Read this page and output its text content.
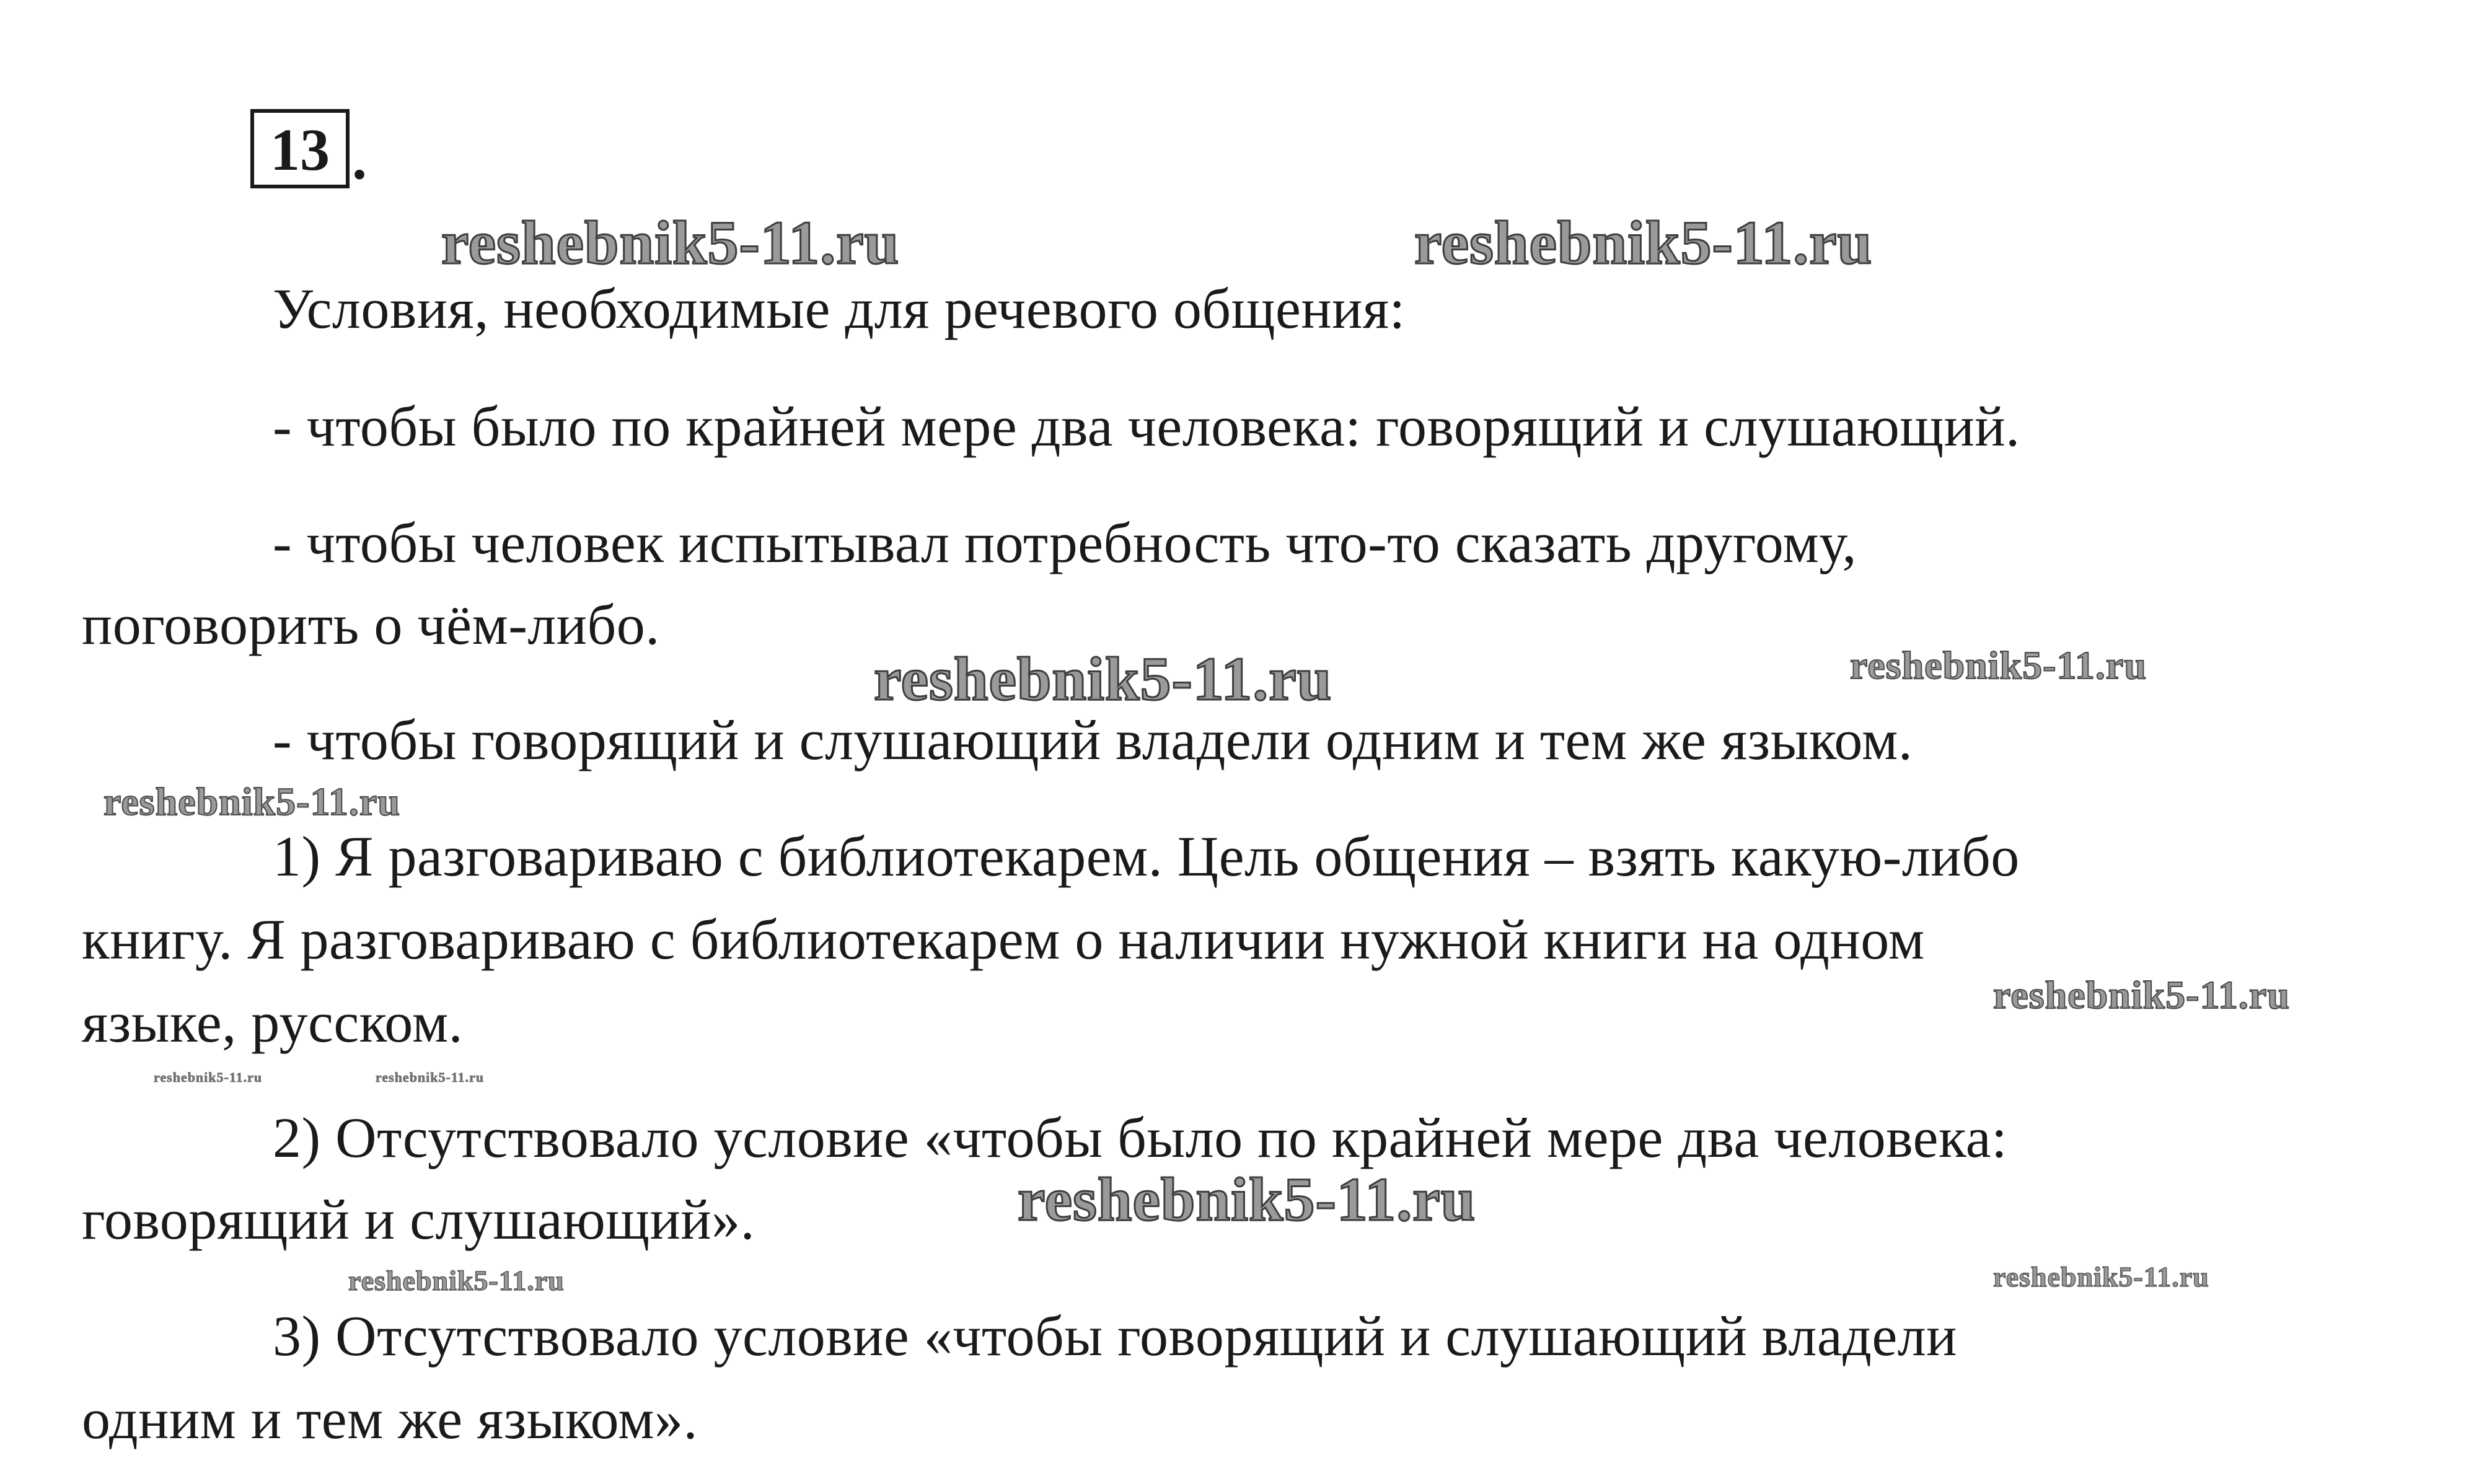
13 .
reshebnik5-11.ru	reshebnik5-11.ru
reshebnik5-11.ru	reshebnik5-11.ru
reshebnik5-11.ru
reshebnik5-11.ru
reshebnik5-11.ru	reshebnik5-11.ru
reshebnik5-11.ru
reshebnik5-11.ru	reshebnik5-11.ru
Условия, необходимые для речевого общения:
- чтобы было по крайней мере два человека: говорящий и слушающий.
- чтобы человек испытывал потребность что-то сказать другому,
поговорить о чём-либо.
- чтобы говорящий и слушающий владели одним и тем же языком.
1) Я разговариваю с библиотекарем. Цель общения – взять какую-либо
книгу. Я разговариваю с библиотекарем о наличии нужной книги на одном
языке, русском.
2) Отсутствовало условие «чтобы было по крайней мере два человека:
говорящий и слушающий».
3) Отсутствовало условие «чтобы говорящий и слушающий владели
одним и тем же языком».
